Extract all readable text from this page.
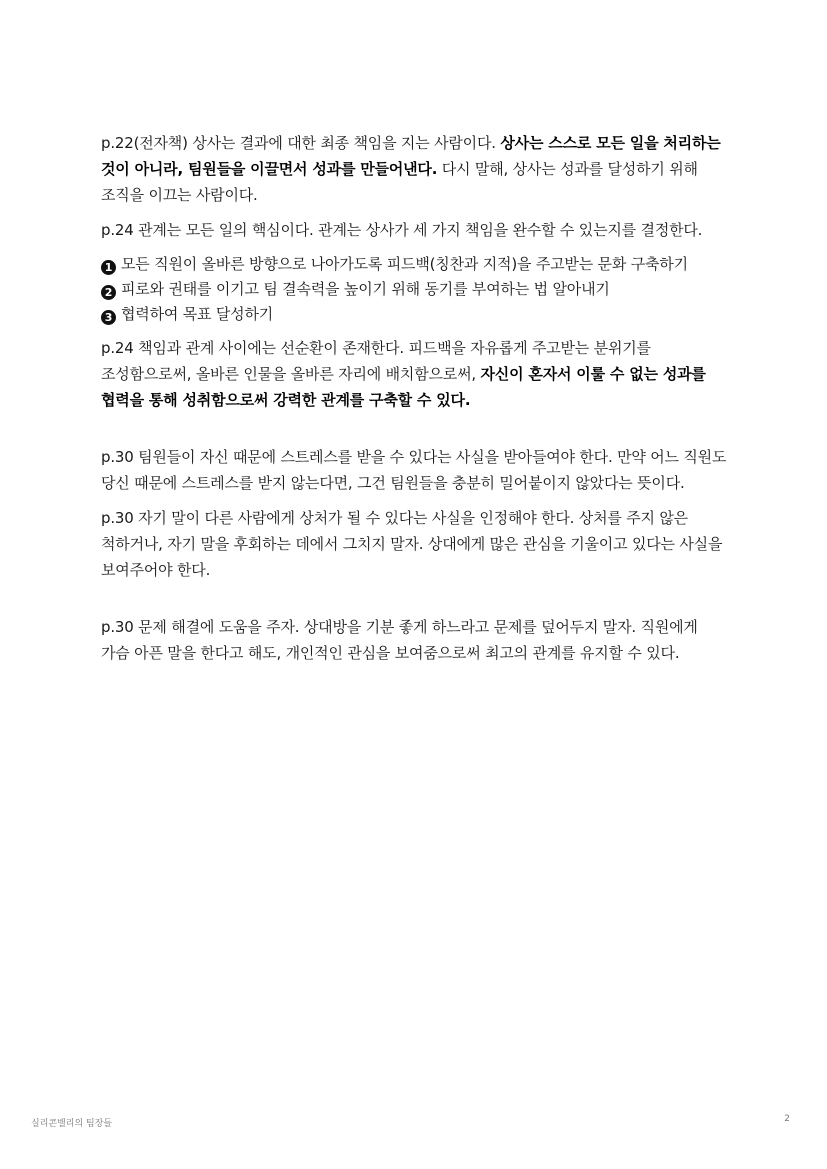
p.22(전자책) 상사는 결과에 대한 최종 책임을 지는 사람이다. 상사는 스스로 모든 일을 처리하는 것이 아니라, 팀원들을 이끌면서 성과를 만들어낸다. 다시 말해, 상사는 성과를 달성하기 위해 조직을 이끄는 사람이다.

p.24 관계는 모든 일의 핵심이다. 관계는 상사가 세 가지 책임을 완수할 수 있는지를 결정한다.

1 모든 직원이 올바른 방향으로 나아가도록 피드백(칭찬과 지적)을 주고받는 문화 구축하기
2 피로와 권태를 이기고 팀 결속력을 높이기 위해 동기를 부여하는 법 알아내기
3 협력하여 목표 달성하기

p.24 책임과 관계 사이에는 선순환이 존재한다. 피드백을 자유롭게 주고받는 분위기를 조성함으로써, 올바른 인물을 올바른 자리에 배치함으로써, 자신이 혼자서 이룰 수 없는 성과를 협력을 통해 성취함으로써 강력한 관계를 구축할 수 있다.

p.30 팀원들이 자신 때문에 스트레스를 받을 수 있다는 사실을 받아들여야 한다. 만약 어느 직원도 당신 때문에 스트레스를 받지 않는다면, 그건 팀원들을 충분히 밀어붙이지 않았다는 뜻이다.

p.30 자기 말이 다른 사람에게 상처가 될 수 있다는 사실을 인정해야 한다. 상처를 주지 않은 척하거나, 자기 말을 후회하는 데에서 그치지 말자. 상대에게 많은 관심을 기울이고 있다는 사실을 보여주어야 한다.

p.30 문제 해결에 도움을 주자. 상대방을 기분 좋게 하느라고 문제를 덮어두지 말자. 직원에게 가슴 아픈 말을 한다고 해도, 개인적인 관심을 보여줌으로써 최고의 관계를 유지할 수 있다.

실리콘밸리의 팀장들	2
